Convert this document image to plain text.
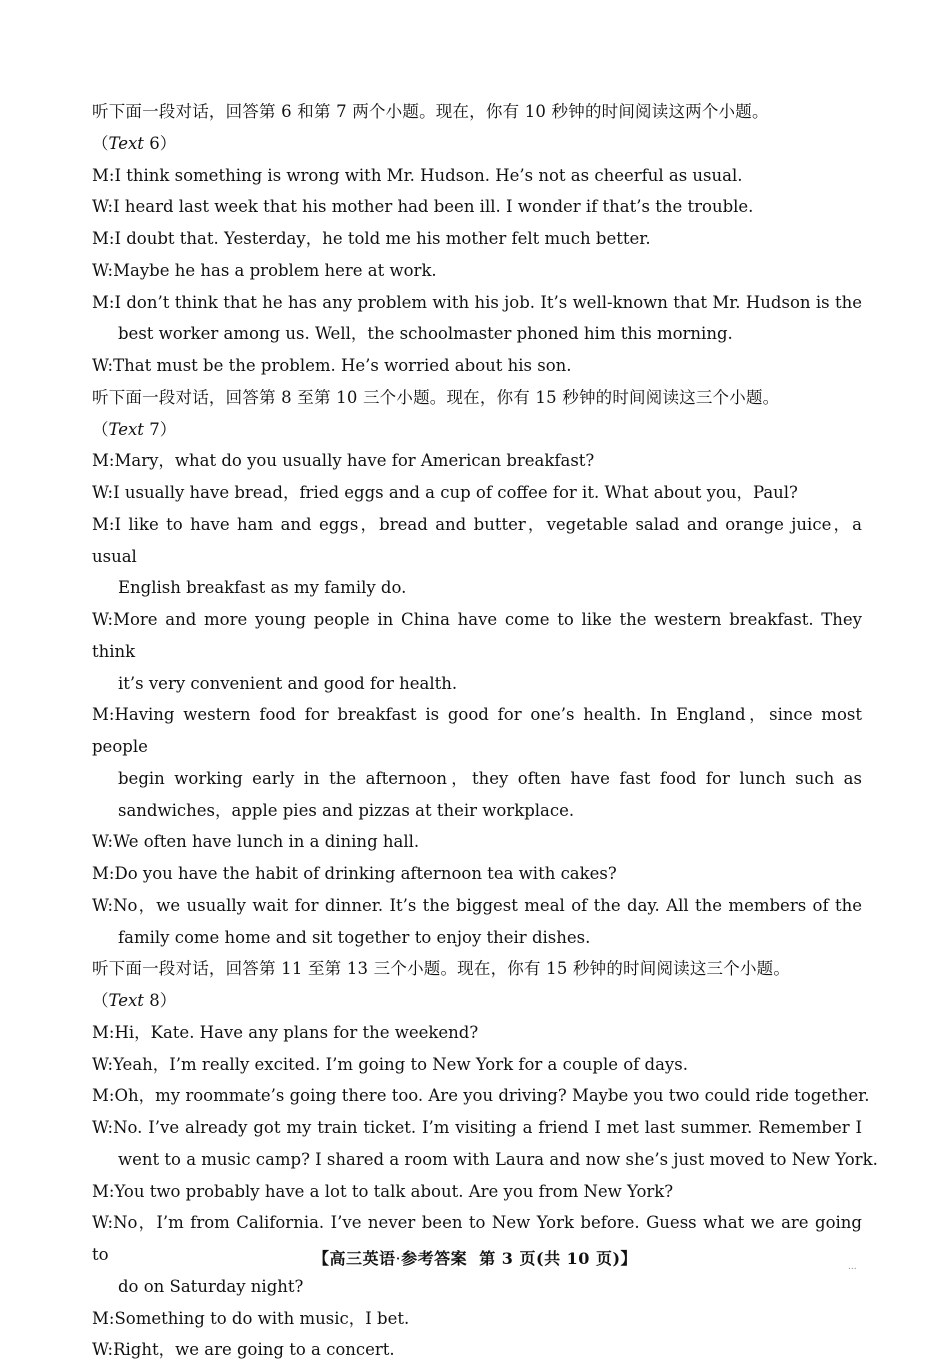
听下面一段对话，回答第 6 和第 7 两个小题。现在，你有 10 秒钟的时间阅读这两个小题。
（Text 6）
M:I think something is wrong with Mr. Hudson. He’s not as cheerful as usual.
W:I heard last week that his mother had been ill. I wonder if that’s the trouble.
M:I doubt that. Yesterday，he told me his mother felt much better.
W:Maybe he has a problem here at work.
M:I don’t think that he has any problem with his job. It’s well-known that Mr. Hudson is the
best worker among us. Well，the schoolmaster phoned him this morning.
W:That must be the problem. He’s worried about his son.
听下面一段对话，回答第 8 至第 10 三个小题。现在，你有 15 秒钟的时间阅读这三个小题。
（Text 7）
M:Mary，what do you usually have for American breakfast?
W:I usually have bread，fried eggs and a cup of coffee for it. What about you，Paul?
M:I like to have ham and eggs，bread and butter，vegetable salad and orange juice，a usual
English breakfast as my family do.
W:More and more young people in China have come to like the western breakfast. They think
it’s very convenient and good for health.
M:Having western food for breakfast is good for one’s health. In England，since most people
begin working early in the afternoon，they often have fast food for lunch such as
sandwiches，apple pies and pizzas at their workplace.
W:We often have lunch in a dining hall.
M:Do you have the habit of drinking afternoon tea with cakes?
W:No，we usually wait for dinner. It’s the biggest meal of the day. All the members of the
family come home and sit together to enjoy their dishes.
听下面一段对话，回答第 11 至第 13 三个小题。现在，你有 15 秒钟的时间阅读这三个小题。
（Text 8）
M:Hi，Kate. Have any plans for the weekend?
W:Yeah，I’m really excited. I’m going to New York for a couple of days.
M:Oh，my roommate’s going there too. Are you driving? Maybe you two could ride together.
W:No. I’ve already got my train ticket. I’m visiting a friend I met last summer. Remember I
went to a music camp? I shared a room with Laura and now she’s just moved to New York.
M:You two probably have a lot to talk about. Are you from New York?
W:No，I’m from California. I’ve never been to New York before. Guess what we are going to
do on Saturday night?
M:Something to do with music，I bet.
W:Right，we are going to a concert.
【高三英语·参考答案 第 3 页(共 10 页)】	...
